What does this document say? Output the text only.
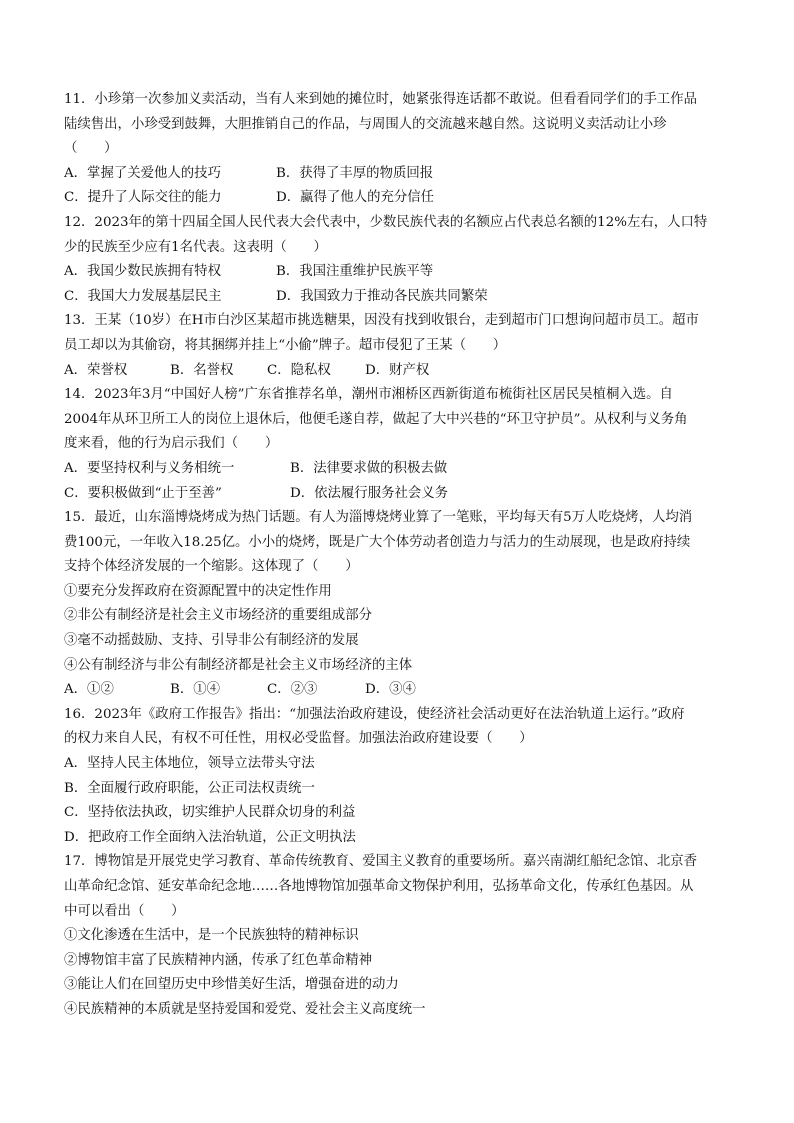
11．小珍第一次参加义卖活动，当有人来到她的摊位时，她紧张得连话都不敢说。但看看同学们的手工作品
陆续售出，小珍受到鼓舞，大胆推销自己的作品，与周围人的交流越来越自然。这说明义卖活动让小珍
（　　）
A．掌握了关爱他人的技巧	B．获得了丰厚的物质回报
C．提升了人际交往的能力	D．赢得了他人的充分信任
12．2023年的第十四届全国人民代表大会代表中，少数民族代表的名额应占代表总名额的12%左右，人口特
少的民族至少应有1名代表。这表明（　　）
A．我国少数民族拥有特权	B．我国注重维护民族平等
C．我国大力发展基层民主	D．我国致力于推动各民族共同繁荣
13．王某（10岁）在H市白沙区某超市挑选糖果，因没有找到收银台，走到超市门口想询问超市员工。超市
员工却以为其偷窃，将其捆绑并挂上“小偷”牌子。超市侵犯了王某（　　）
A．荣誉权	B．名誉权	C．隐私权	D．财产权
14．2023年3月“中国好人榜”广东省推荐名单，潮州市湘桥区西新街道布梳街社区居民吴植桐入选。自
2004年从环卫所工人的岗位上退休后，他便毛遂自荐，做起了大中兴巷的“环卫守护员”。从权利与义务角
度来看，他的行为启示我们（　　）
A．要坚持权利与义务相统一	B．法律要求做的积极去做
C．要积极做到“止于至善”	D．依法履行服务社会义务
15．最近，山东淄博烧烤成为热门话题。有人为淄博烧烤业算了一笔账，平均每天有5万人吃烧烤，人均消
费100元，一年收入18.25亿。小小的烧烤，既是广大个体劳动者创造力与活力的生动展现，也是政府持续
支持个体经济发展的一个缩影。这体现了（　　）
①要充分发挥政府在资源配置中的决定性作用
②非公有制经济是社会主义市场经济的重要组成部分
③毫不动摇鼓励、支持、引导非公有制经济的发展
④公有制经济与非公有制经济都是社会主义市场经济的主体
A．①②	B．①④	C．②③	D．③④
16．2023年《政府工作报告》指出：“加强法治政府建设，使经济社会活动更好在法治轨道上运行。”政府
的权力来自人民，有权不可任性，用权必受监督。加强法治政府建设要（　　）
A．坚持人民主体地位，领导立法带头守法
B．全面履行政府职能，公正司法权责统一
C．坚持依法执政，切实维护人民群众切身的利益
D．把政府工作全面纳入法治轨道，公正文明执法
17．博物馆是开展党史学习教育、革命传统教育、爱国主义教育的重要场所。嘉兴南湖红船纪念馆、北京香
山革命纪念馆、延安革命纪念地……各地博物馆加强革命文物保护利用，弘扬革命文化，传承红色基因。从
中可以看出（　　）
①文化渗透在生活中，是一个民族独特的精神标识
②博物馆丰富了民族精神内涵，传承了红色革命精神
③能让人们在回望历史中珍惜美好生活，增强奋进的动力
④民族精神的本质就是坚持爱国和爱党、爱社会主义高度统一
